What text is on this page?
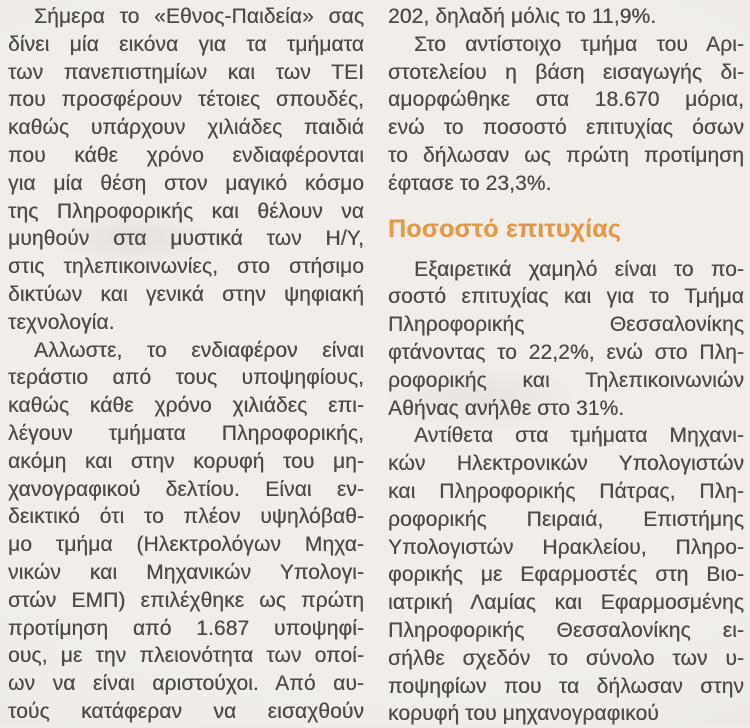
Σήμερα το «Εθνος-Παιδεία» σας
δίνει μία εικόνα για τα τμήματα
των πανεπιστημίων και των ΤΕΙ
που προσφέρουν τέτοιες σπουδές,
καθώς υπάρχουν χιλιάδες παιδιά
που κάθε χρόνο ενδιαφέρονται
για μία θέση στον μαγικό κόσμο
της Πληροφορικής και θέλουν να
μυηθούν στα μυστικά των Η/Υ,
στις τηλεπικοινωνίες, στο στήσιμο
δικτύων και γενικά στην ψηφιακή
τεχνολογία.
Αλλωστε, το ενδιαφέρον είναι
τεράστιο από τους υποψηφίους,
καθώς κάθε χρόνο χιλιάδες επι-
λέγουν τμήματα Πληροφορικής,
ακόμη και στην κορυφή του μη-
χανογραφικού δελτίου. Είναι εν-
δεικτικό ότι το πλέον υψηλόβαθ-
μο τμήμα (Ηλεκτρολόγων Μηχα-
νικών και Μηχανικών Υπολογι-
στών ΕΜΠ) επιλέχθηκε ως πρώτη
προτίμηση από 1.687 υποψηφί-
ους, με την πλειονότητα των οποί-
ων να είναι αριστούχοι. Από αυ-
τούς κατάφεραν να εισαχθούν
202, δηλαδή μόλις το 11,9%.
Στο αντίστοιχο τμήμα του Αρι-
στοτελείου η βάση εισαγωγής δι-
αμορφώθηκε στα 18.670 μόρια,
ενώ το ποσοστό επιτυχίας όσων
το δήλωσαν ως πρώτη προτίμηση
έφτασε το 23,3%.
Ποσοστό επιτυχίας
Εξαιρετικά χαμηλό είναι το πο-
σοστό επιτυχίας και για το Τμήμα
Πληροφορικής Θεσσαλονίκης
φτάνοντας το 22,2%, ενώ στο Πλη-
ροφορικής και Τηλεπικοινωνιών
Αθήνας ανήλθε στο 31%.
Αντίθετα στα τμήματα Μηχανι-
κών Ηλεκτρονικών Υπολογιστών
και Πληροφορικής Πάτρας, Πλη-
ροφορικής Πειραιά, Επιστήμης
Υπολογιστών Ηρακλείου, Πληρο-
φορικής με Εφαρμοστές στη Βιο-
ιατρική Λαμίας και Εφαρμοσμένης
Πληροφορικής Θεσσαλονίκης ει-
σήλθε σχεδόν το σύνολο των υ-
ποψηφίων που τα δήλωσαν στην
κορυφή του μηχανογραφικού
